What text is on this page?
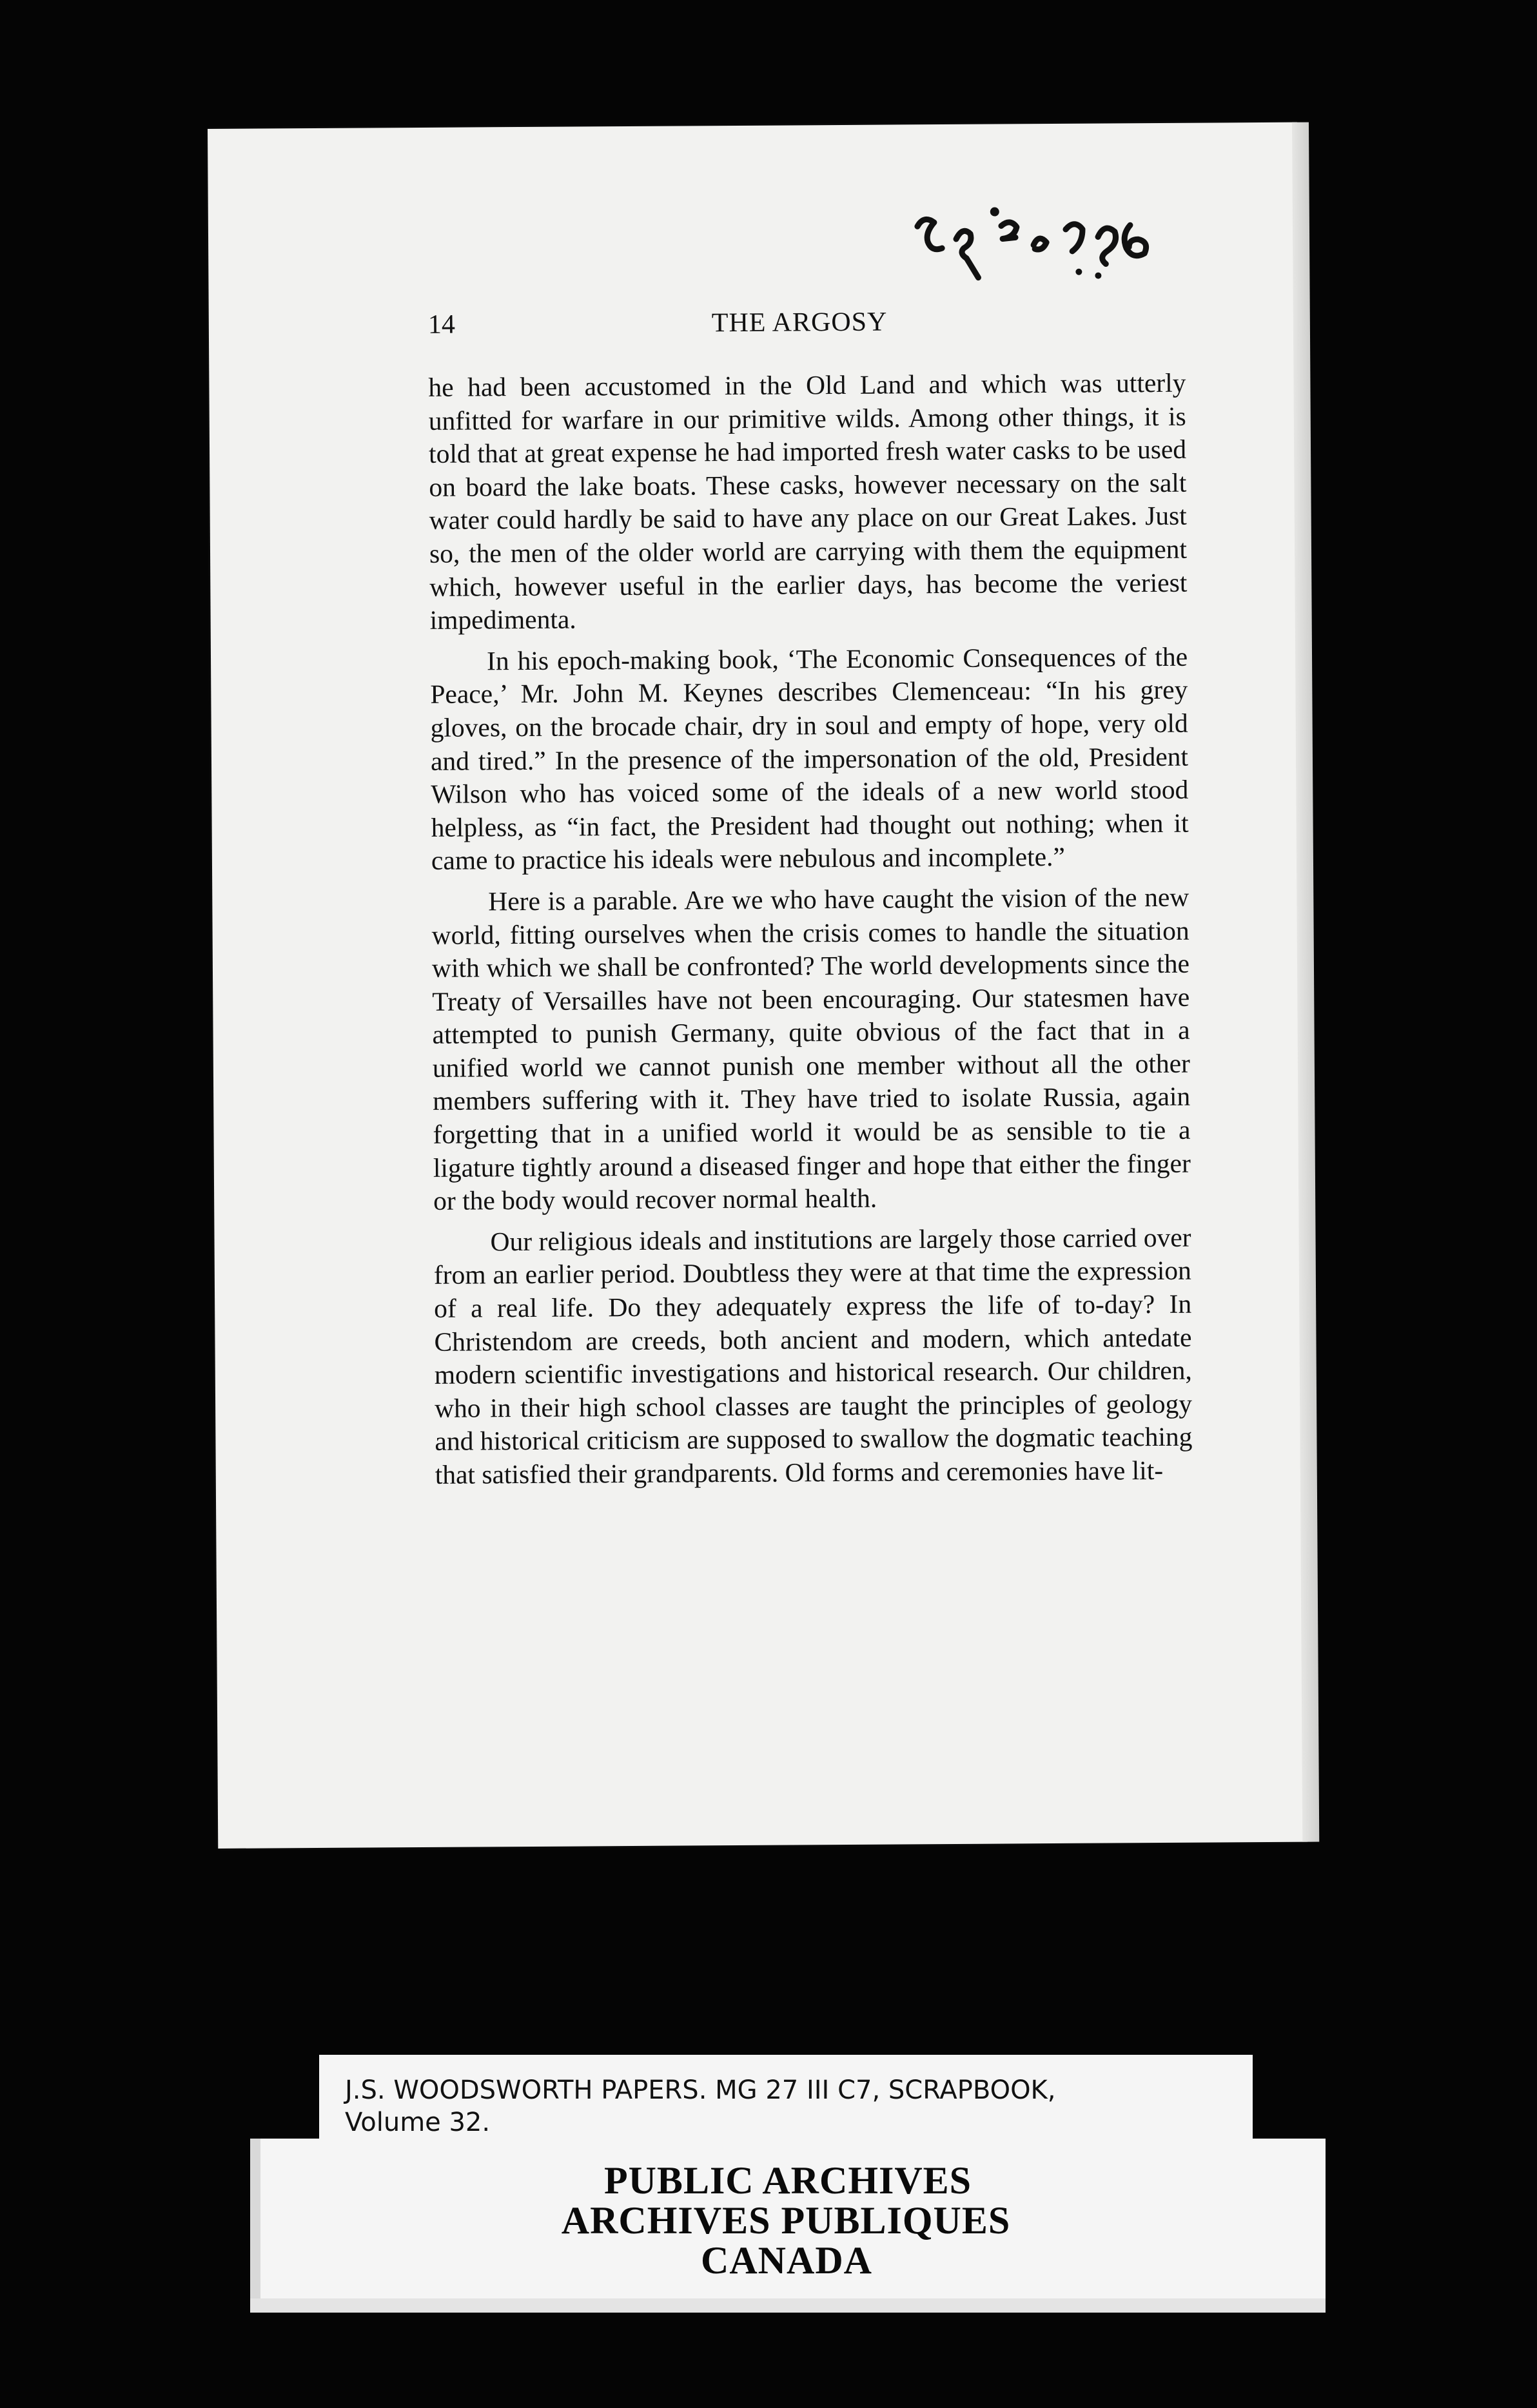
14	THE ARGOSY

he had been accustomed in the Old Land and which was utterly unfitted for warfare in our primitive wilds. Among other things, it is told that at great expense he had imported fresh water casks to be used on board the lake boats. These casks, however necessary on the salt water could hardly be said to have any place on our Great Lakes. Just so, the men of the older world are carrying with them the equipment which, however useful in the earlier days, has become the veriest impedimenta.

In his epoch-making book, ‘The Economic Consequences of the Peace,’ Mr. John M. Keynes describes Clemenceau: “In his grey gloves, on the brocade chair, dry in soul and empty of hope, very old and tired.” In the presence of the impersonation of the old, President Wilson who has voiced some of the ideals of a new world stood helpless, as “in fact, the President had thought out nothing; when it came to practice his ideals were nebulous and incomplete.”

Here is a parable. Are we who have caught the vision of the new world, fitting ourselves when the crisis comes to handle the situation with which we shall be confronted? The world developments since the Treaty of Versailles have not been encouraging. Our statesmen have attempted to punish Germany, quite obvious of the fact that in a unified world we cannot punish one member without all the other members suffering with it. They have tried to isolate Russia, again forgetting that in a unified world it would be as sensible to tie a ligature tightly around a diseased finger and hope that either the finger or the body would recover normal health.

Our religious ideals and institutions are largely those carried over from an earlier period. Doubtless they were at that time the expression of a real life. Do they adequately express the life of to-day? In Christendom are creeds, both ancient and modern, which antedate modern scientific investigations and historical research. Our children, who in their high school classes are taught the principles of geology and historical criticism are supposed to swallow the dogmatic teaching that satisfied their grandparents. Old forms and ceremonies have lit-

J.S. WOODSWORTH PAPERS. MG 27 III C7, SCRAPBOOK,
Volume 32.
PUBLIC ARCHIVES
ARCHIVES PUBLIQUES
CANADA
